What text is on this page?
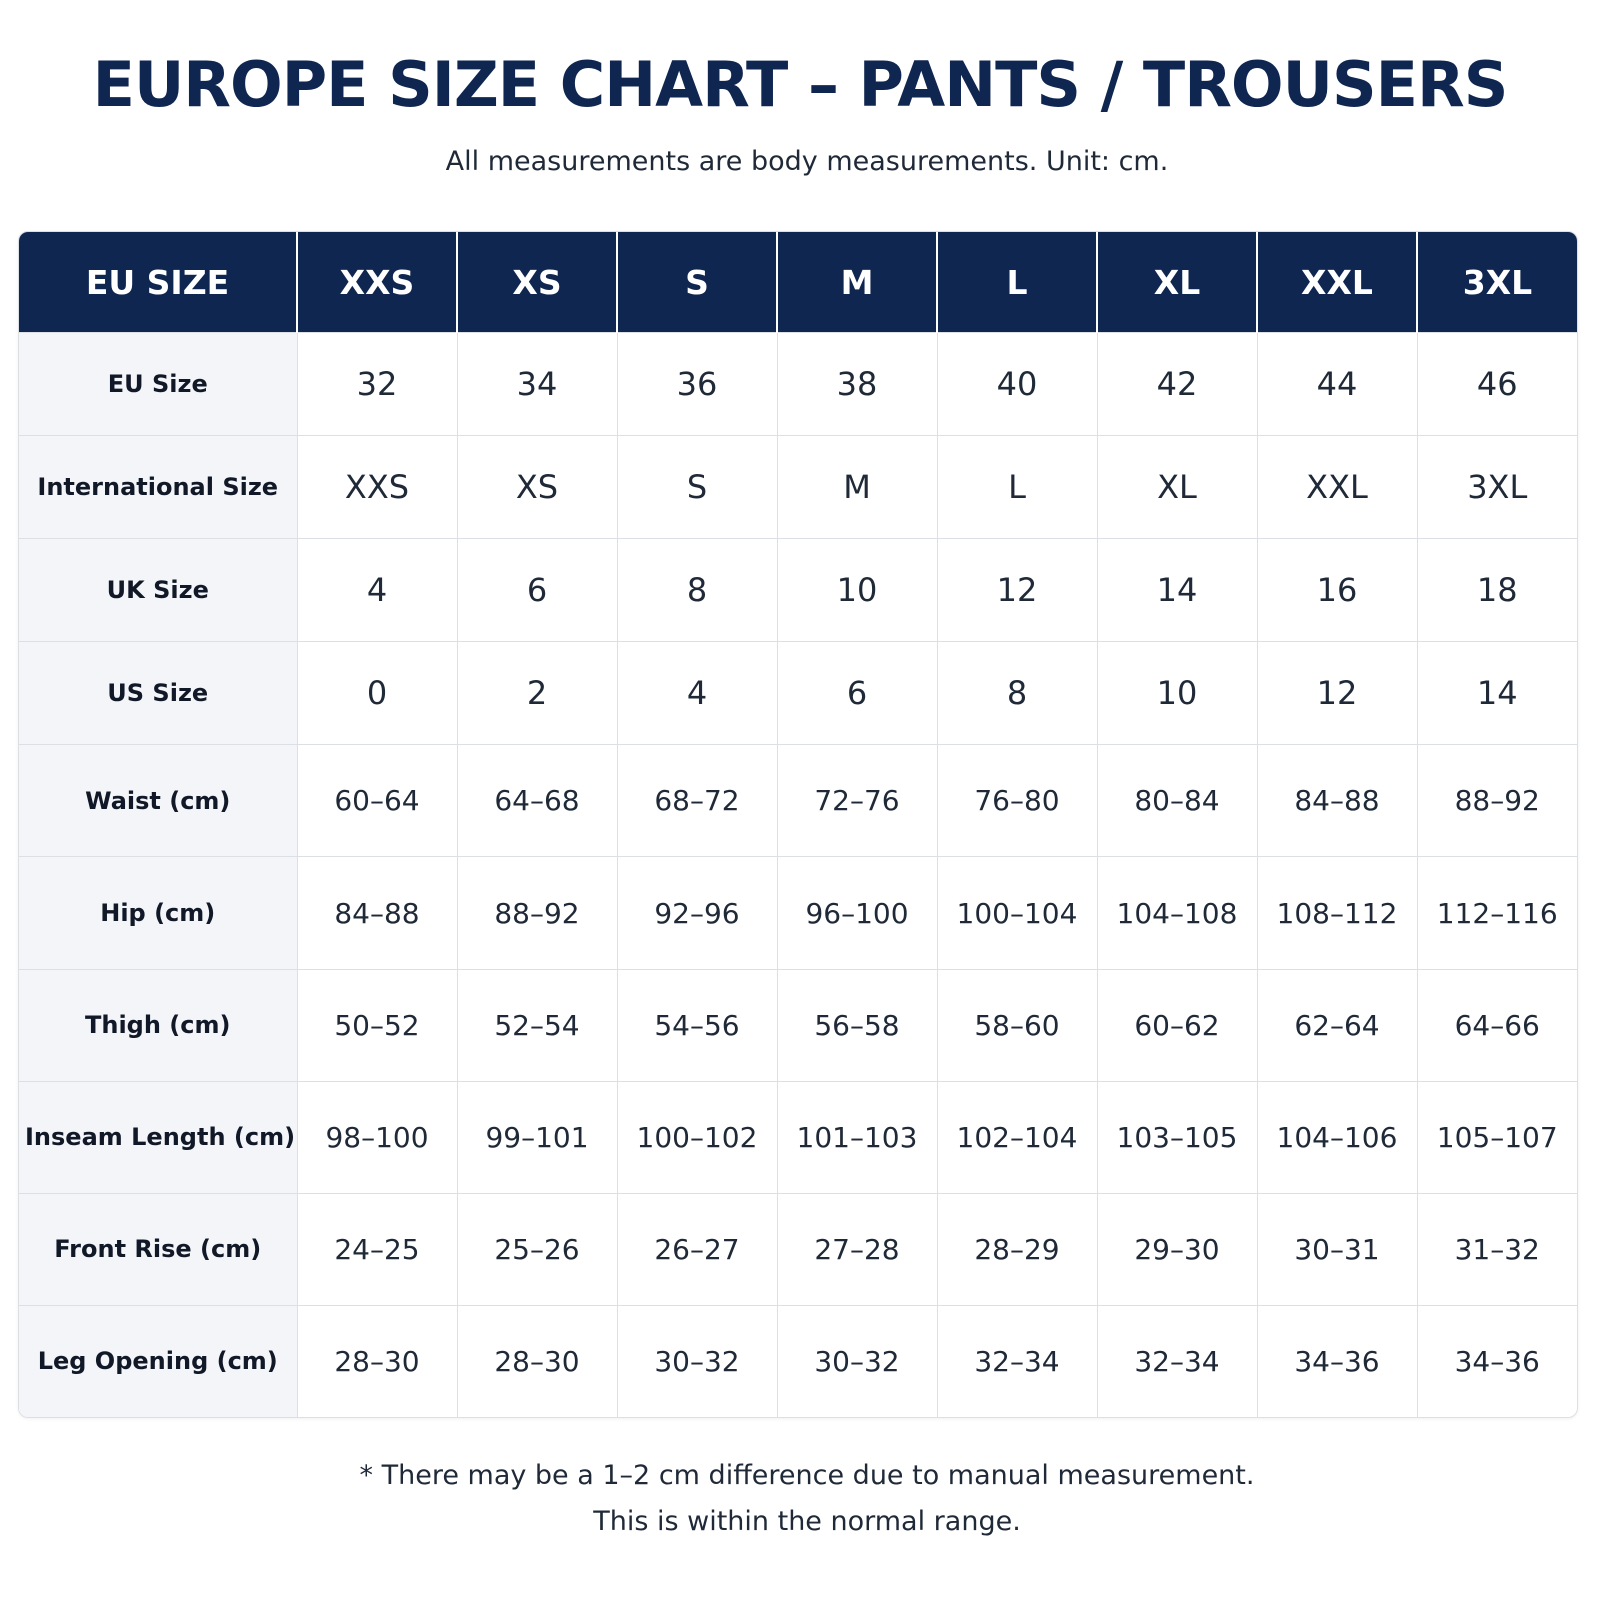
EUROPE SIZE CHART – PANTS / TROUSERS

All measurements are body measurements. Unit: cm.

EU SIZE	XXS	XS	S	M	L	XL	XXL	3XL
EU Size	32	34	36	38	40	42	44	46
International Size	XXS	XS	S	M	L	XL	XXL	3XL
UK Size	4	6	8	10	12	14	16	18
US Size	0	2	4	6	8	10	12	14
Waist (cm)	60–64	64–68	68–72	72–76	76–80	80–84	84–88	88–92
Hip (cm)	84–88	88–92	92–96	96–100	100–104	104–108	108–112	112–116
Thigh (cm)	50–52	52–54	54–56	56–58	58–60	60–62	62–64	64–66
Inseam Length (cm)	98–100	99–101	100–102	101–103	102–104	103–105	104–106	105–107
Front Rise (cm)	24–25	25–26	26–27	27–28	28–29	29–30	30–31	31–32
Leg Opening (cm)	28–30	28–30	30–32	30–32	32–34	32–34	34–36	34–36

* There may be a 1–2 cm difference due to manual measurement.

This is within the normal range.
